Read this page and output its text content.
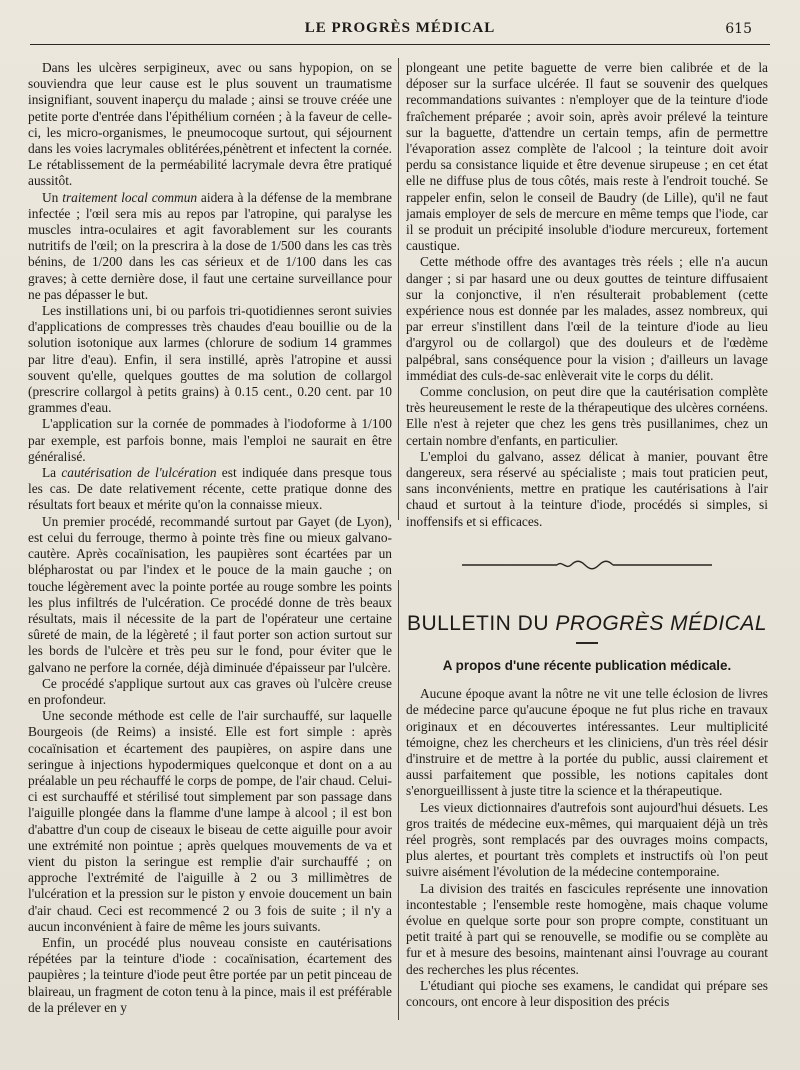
LE PROGRÈS MÉDICAL	615

Dans les ulcères serpigineux, avec ou sans hypopion, on se souviendra que leur cause est le plus souvent un traumatisme insignifiant, souvent inaperçu du malade ; ainsi se trouve créée une petite porte d'entrée dans l'épithélium cornéen ; à la faveur de celle-ci, les micro-organismes, le pneumocoque surtout, qui séjournent dans les voies lacrymales oblitérées,pénètrent et infectent la cornée. Le rétablissement de la perméabilité lacrymale devra être pratiqué aussitôt.

Un traitement local commun aidera à la défense de la membrane infectée ; l'œil sera mis au repos par l'atropine, qui paralyse les muscles intra-oculaires et agit favorablement sur les courants nutritifs de l'œil; on la prescrira à la dose de 1/500 dans les cas très bénins, de 1/200 dans les cas sérieux et de 1/100 dans les cas graves; à cette dernière dose, il faut une certaine surveillance pour ne pas dépasser le but.

Les instillations uni, bi ou parfois tri-quotidiennes seront suivies d'applications de compresses très chaudes d'eau bouillie ou de la solution isotonique aux larmes (chlorure de sodium 14 grammes par litre d'eau). Enfin, il sera instillé, après l'atropine et aussi souvent qu'elle, quelques gouttes de ma solution de collargol (prescrire collargol à petits grains) à 0.15 cent., 0.20 cent. par 10 grammes d'eau.

L'application sur la cornée de pommades à l'iodoforme à 1/100 par exemple, est parfois bonne, mais l'emploi ne saurait en être généralisé.

La cautérisation de l'ulcération est indiquée dans presque tous les cas. De date relativement récente, cette pratique donne des résultats fort beaux et mérite qu'on la connaisse mieux.

Un premier procédé, recommandé surtout par Gayet (de Lyon), est celui du ferrouge, thermo à pointe très fine ou mieux galvano-cautère. Après cocaïnisation, les paupières sont écartées par un blépharostat ou par l'index et le pouce de la main gauche ; on touche légèrement avec la pointe portée au rouge sombre les points les plus infiltrés de l'ulcération. Ce procédé donne de très beaux résultats, mais il nécessite de la part de l'opérateur une certaine sûreté de main, de la légèreté ; il faut porter son action surtout sur les bords de l'ulcère et très peu sur le fond, pour éviter que le galvano ne perfore la cornée, déjà diminuée d'épaisseur par l'ulcère.

Ce procédé s'applique surtout aux cas graves où l'ulcère creuse en profondeur.

Une seconde méthode est celle de l'air surchauffé, sur laquelle Bourgeois (de Reims) a insisté. Elle est fort simple : après cocaïnisation et écartement des paupières, on aspire dans une seringue à injections hypodermiques quelconque et dont on a au préalable un peu réchauffé le corps de pompe, de l'air chaud. Celui-ci est surchauffé et stérilisé tout simplement par son passage dans l'aiguille plongée dans la flamme d'une lampe à alcool ; il est bon d'abattre d'un coup de ciseaux le biseau de cette aiguille pour avoir une extrémité non pointue ; après quelques mouvements de va et vient du piston la seringue est remplie d'air surchauffé ; on approche l'extrémité de l'aiguille à 2 ou 3 millimètres de l'ulcération et la pression sur le piston y envoie doucement un bain d'air chaud. Ceci est recommencé 2 ou 3 fois de suite ; il n'y a aucun inconvénient à faire de même les jours suivants.

Enfin, un procédé plus nouveau consiste en cautérisations répétées par la teinture d'iode : cocaïnisation, écartement des paupières ; la teinture d'iode peut être portée par un petit pinceau de blaireau, un fragment de coton tenu à la pince, mais il est préférable de la prélever en y

plongeant une petite baguette de verre bien calibrée et de la déposer sur la surface ulcérée. Il faut se souvenir des quelques recommandations suivantes : n'employer que de la teinture d'iode fraîchement préparée ; avoir soin, après avoir prélevé la teinture sur la baguette, d'attendre un certain temps, afin de permettre l'évaporation assez complète de l'alcool ; la teinture doit avoir perdu sa consistance liquide et être devenue sirupeuse ; en cet état elle ne diffuse plus de tous côtés, mais reste à l'endroit touché. Se rappeler enfin, selon le conseil de Baudry (de Lille), qu'il ne faut jamais employer de sels de mercure en même temps que l'iode, car il se produit un précipité insoluble d'iodure mercureux, fortement caustique.

Cette méthode offre des avantages très réels ; elle n'a aucun danger ; si par hasard une ou deux gouttes de teinture diffusaient sur la conjonctive, il n'en résulterait probablement (cette expérience nous est donnée par les malades, assez nombreux, qui par erreur s'instillent dans l'œil de la teinture d'iode au lieu d'argyrol ou de collargol) que des douleurs et de l'œdème palpébral, sans conséquence pour la vision ; d'ailleurs un lavage immédiat des culs-de-sac enlèverait vite le corps du délit.

Comme conclusion, on peut dire que la cautérisation complète très heureusement le reste de la thérapeutique des ulcères cornéens. Elle n'est à rejeter que chez les gens très pusillanimes, chez un certain nombre d'enfants, en particulier.

L'emploi du galvano, assez délicat à manier, pouvant être dangereux, sera réservé au spécialiste ; mais tout praticien peut, sans inconvénients, mettre en pratique les cautérisations à l'air chaud et surtout à la teinture d'iode, procédés si simples, si inoffensifs et si efficaces.

BULLETIN DU PROGRÈS MÉDICAL
A propos d'une récente publication médicale.

Aucune époque avant la nôtre ne vit une telle éclosion de livres de médecine parce qu'aucune époque ne fut plus riche en travaux originaux et en découvertes intéressantes. Leur multiplicité témoigne, chez les chercheurs et les cliniciens, d'un très réel désir d'instruire et de mettre à la portée du public, aussi clairement et aussi parfaitement que possible, les notions capitales dont s'enorgueillissent à juste titre la science et la thérapeutique.

Les vieux dictionnaires d'autrefois sont aujourd'hui désuets. Les gros traités de médecine eux-mêmes, qui marquaient déjà un très réel progrès, sont remplacés par des ouvrages moins compacts, plus alertes, et pourtant très complets et instructifs où l'on peut suivre aisément l'évolution de la médecine contemporaine.

La division des traités en fascicules représente une innovation incontestable ; l'ensemble reste homogène, mais chaque volume évolue en quelque sorte pour son propre compte, constituant un petit traité à part qui se renouvelle, se modifie ou se complète au fur et à mesure des besoins, maintenant ainsi l'ouvrage au courant des recherches les plus récentes.

L'étudiant qui pioche ses examens, le candidat qui prépare ses concours, ont encore à leur disposition des précis
